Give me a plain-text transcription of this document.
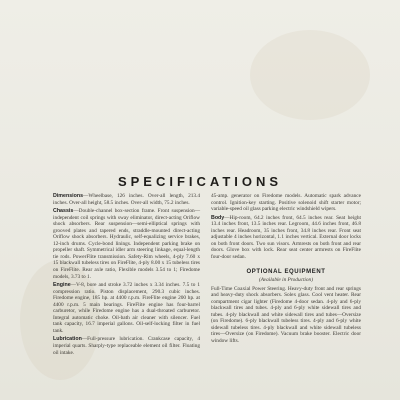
SPECIFICATIONS

Dimensions—Wheelbase, 126 inches. Over-all length, 213.4 inches. Over-all height, 58.5 inches. Over-all width, 75.2 inches.

Chassis—Double-channel box-section frame. Front suspension—independent coil springs with sway eliminator, direct-acting Oriflow shock absorbers. Rear suspension—semi-elliptical springs with grooved plates and tapered ends, straddle-mounted direct-acting Oriflow shock absorbers. Hydraulic, self-equalizing service brakes, 12-inch drums. Cycle-bond linings. Independent parking brake on propeller shaft. Symmetrical idler arm steering linkage, equal-length tie rods. PowerFlite transmission. Safety-Rim wheels, 4-ply 7.60 x 15 blackwall tubeless tires on FireFlite, 4-ply 8.00 x 15 tubeless tires on FireFlite. Rear axle ratio, Flexible models 3.54 to 1; Firedome models, 3.73 to 1.

Engine—V-8, bore and stroke 3.72 inches x 3.34 inches. 7.5 to 1 compression ratio. Piston displacement, 290.3 cubic inches. Firedome engine, 185 hp. at 4400 r.p.m. FireFlite engine 200 hp. at 4400 r.p.m. 5 main bearings. FireFlite engine has four-barrel carburetor, while Firedome engine has a dual-throated carburetor. Integral automatic choke. Oil-bath air cleaner with silencer. Fuel tank capacity, 16.7 imperial gallons. Oil-self-locking filter in fuel tank.

Lubrication—Full-pressure lubrication. Crankcase capacity, 4 imperial quarts. Sharply-type replaceable element oil filter. Floating oil intake.

45-amp. generator on Firedome models. Automatic spark advance control. Ignition-key starting. Positive solenoid shift starter motor; variable-speed oil glass parking electric windshield wipers.

Body—Hip-room, 64.2 inches front, 64.5 inches rear. Seat height 13.4 inches front, 13.5 inches rear. Legroom, 44.6 inches front, 46.8 inches rear. Headroom, 35 inches front, 34.8 inches rear. Front seat adjustable 4 inches horizontal, 1.1 inches vertical. External door locks on both front doors. Two sun visors. Armrests on both front and rear doors. Glove box with lock. Rear seat center armrests on FireFlite four-door sedan.

OPTIONAL EQUIPMENT
(Available in Production)

Full-Time Coaxial Power Steering. Heavy-duty front and rear springs and heavy-duty shock absorbers. Solex glass. Cool vent heater. Rear compartment cigar lighter (Firedome 4-door sedan. 4-ply and 6-ply blackwall tires and tubes. 4-ply and 6-ply white sidewall tires and tubes. 4-ply blackwall and white sidewall tires and tubes—Oversize (on Firedome). 6-ply blackwall tubeless tires. 4-ply and 6-ply white sidewall tubeless tires. 4-ply blackwall and white sidewall tubeless tires—Oversize (on Firedome). Vacuum brake booster. Electric door window lifts.
